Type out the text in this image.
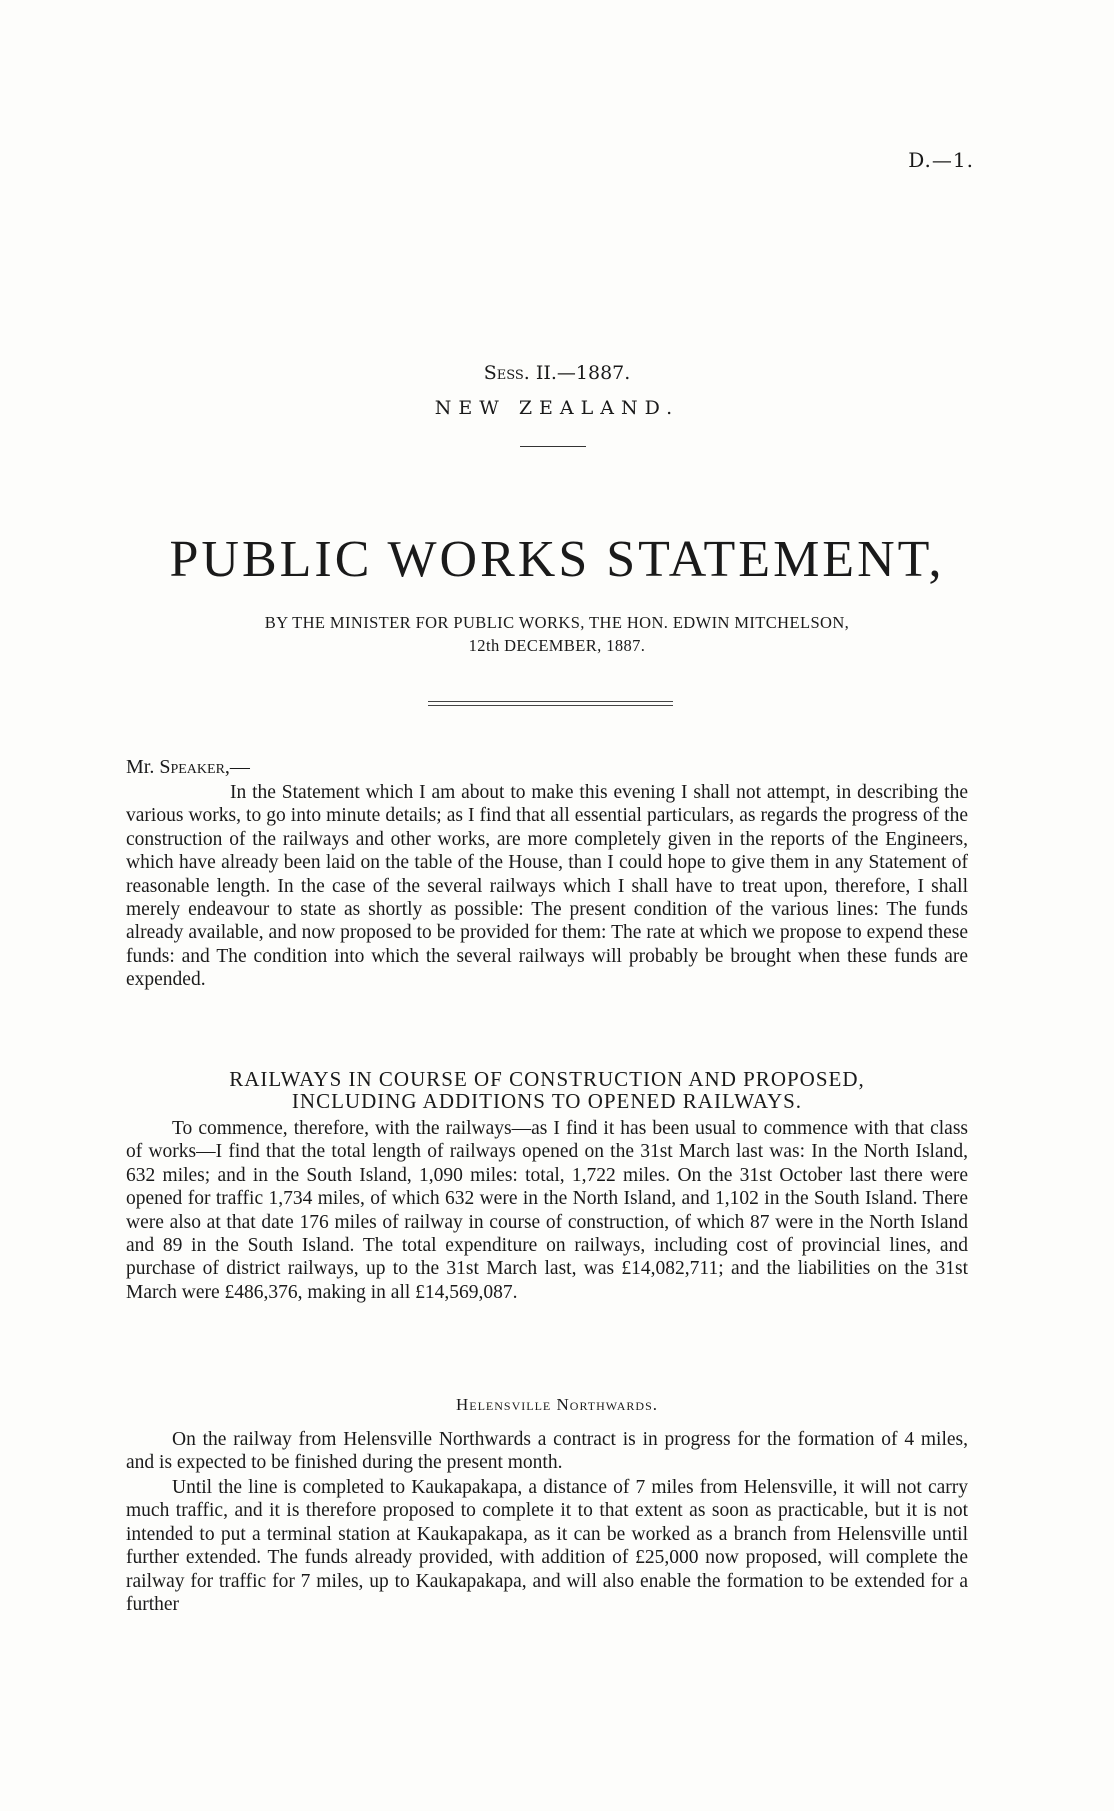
D.—1.
Sess. II.—1887.
NEW ZEALAND.
PUBLIC WORKS STATEMENT,
BY THE MINISTER FOR PUBLIC WORKS, THE HON. EDWIN MITCHELSON,
12th DECEMBER, 1887.
Mr. Speaker,—

In the Statement which I am about to make this evening I shall not attempt, in describing the various works, to go into minute details; as I find that all essential particulars, as regards the progress of the construction of the railways and other works, are more completely given in the reports of the Engineers, which have already been laid on the table of the House, than I could hope to give them in any Statement of reasonable length. In the case of the several railways which I shall have to treat upon, therefore, I shall merely endeavour to state as shortly as possible: The present condition of the various lines: The funds already available, and now proposed to be provided for them: The rate at which we propose to expend these funds: and The condition into which the several railways will probably be brought when these funds are expended.

RAILWAYS IN COURSE OF CONSTRUCTION AND PROPOSED,
INCLUDING ADDITIONS TO OPENED RAILWAYS.

To commence, therefore, with the railways—as I find it has been usual to commence with that class of works—I find that the total length of railways opened on the 31st March last was: In the North Island, 632 miles; and in the South Island, 1,090 miles: total, 1,722 miles. On the 31st October last there were opened for traffic 1,734 miles, of which 632 were in the North Island, and 1,102 in the South Island. There were also at that date 176 miles of railway in course of construction, of which 87 were in the North Island and 89 in the South Island. The total expenditure on railways, including cost of provincial lines, and purchase of district railways, up to the 31st March last, was £14,082,711; and the liabilities on the 31st March were £486,376, making in all £14,569,087.

Helensville Northwards.

On the railway from Helensville Northwards a contract is in progress for the formation of 4 miles, and is expected to be finished during the present month.

Until the line is completed to Kaukapakapa, a distance of 7 miles from Helensville, it will not carry much traffic, and it is therefore proposed to complete it to that extent as soon as practicable, but it is not intended to put a terminal station at Kaukapakapa, as it can be worked as a branch from Helensville until further extended. The funds already provided, with addition of £25,000 now proposed, will complete the railway for traffic for 7 miles, up to Kaukapakapa, and will also enable the formation to be extended for a further
